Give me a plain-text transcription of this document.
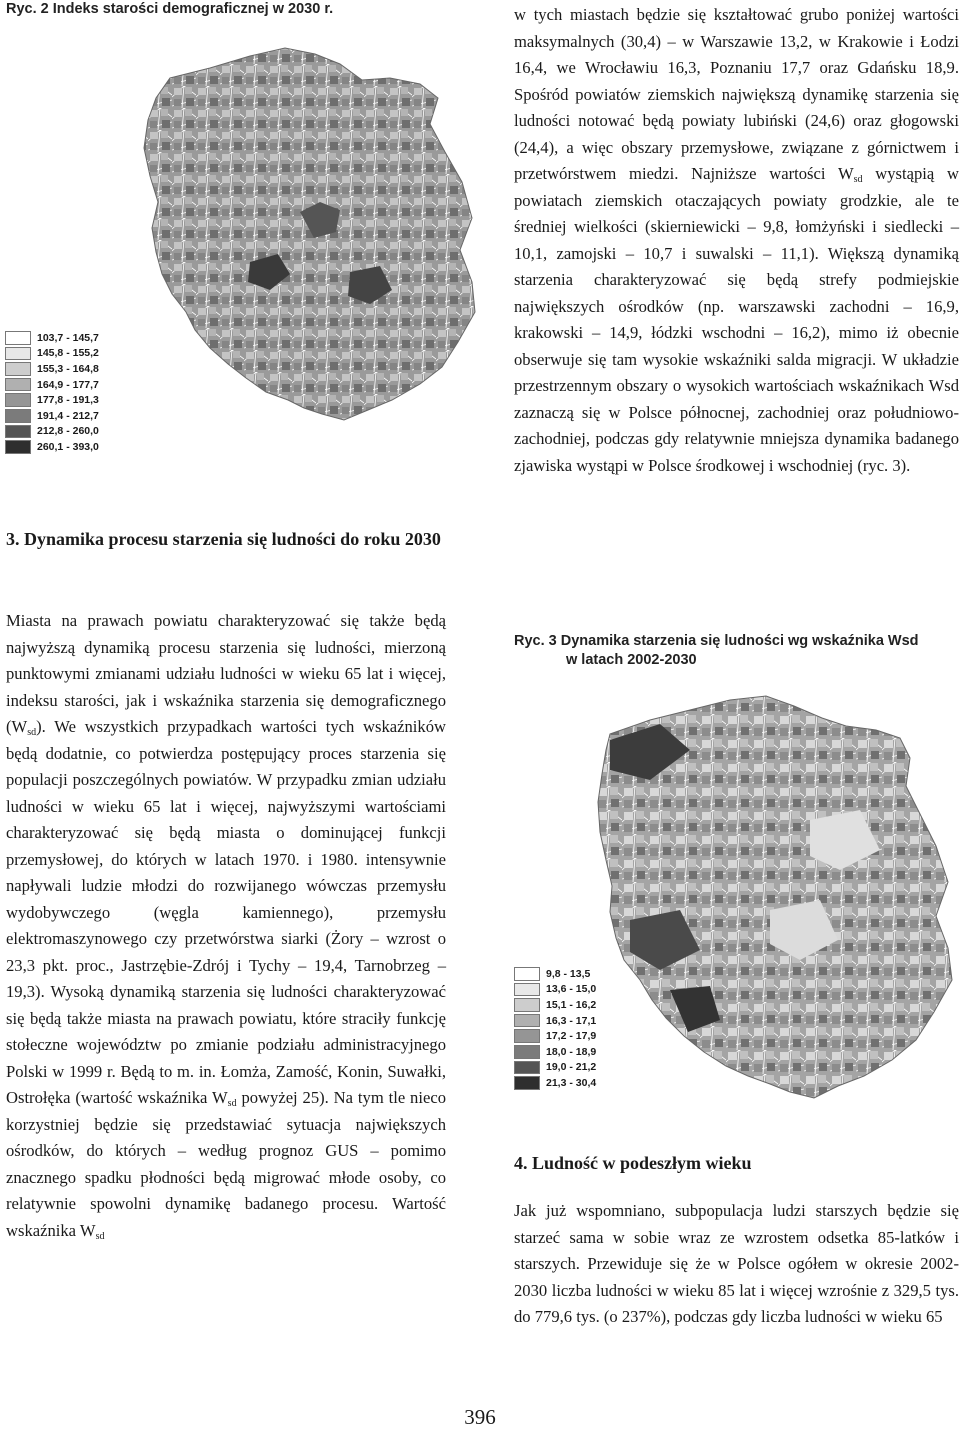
Ryc. 2 Indeks starości demograficznej w 2030 r.
103,7 - 145,7
145,8 - 155,2
155,3 - 164,8
164,9 - 177,7
177,8 - 191,3
191,4 - 212,7
212,8 - 260,0
260,1 - 393,0
3. Dynamika procesu starzenia się ludności do roku 2030

Miasta na prawach powiatu charakteryzować się także będą najwyższą dynamiką procesu starzenia się ludności, mierzoną punktowymi zmianami udziału ludności w wieku 65 lat i więcej, indeksu starości, jak i wskaźnika starzenia się demograficznego $(W_{sd})$. We wszystkich przypadkach wartości tych wskaźników będą dodatnie, co potwierdza postępujący proces starzenia się populacji poszczególnych powiatów. W przypadku zmian udziału ludności w wieku 65 lat i więcej, najwyższymi wartościami charakteryzować się będą miasta o dominującej funkcji przemysłowej, do których w latach 1970. i 1980. intensywnie napływali ludzie młodzi do rozwijanego wówczas przemysłu wydobywczego (węgla kamiennego), przemysłu elektromaszynowego czy przetwórstwa siarki (Żory – wzrost o 23,3 pkt. proc., Jastrzębie-Zdrój i Tychy – 19,4, Tarnobrzeg – 19,3). Wysoką dynamiką starzenia się ludności charakteryzować się będą także miasta na prawach powiatu, które straciły funkcję stołeczne województw po zmianie podziału administracyjnego Polski w 1999 r. Będą to m. in. Łomża, Zamość, Konin, Suwałki, Ostrołęka (wartość wskaźnika $W_{sd}$ powyżej 25). Na tym tle nieco korzystniej będzie się przedstawiać sytuacja największych ośrodków, do których – według prognoz GUS – pomimo znacznego spadku płodności będą migrować młode osoby, co relatywnie spowolni dynamikę badanego procesu. Wartość wskaźnika $W_{sd}$

w tych miastach będzie się kształtować grubo poniżej wartości maksymalnych (30,4) – w Warszawie 13,2, w Krakowie i Łodzi 16,4, we Wrocławiu 16,3, Poznaniu 17,7 oraz Gdańsku 18,9. Spośród powiatów ziemskich największą dynamikę starzenia się ludności notować będą powiaty lubiński (24,6) oraz głogowski (24,4), a więc obszary przemysłowe, związane z górnictwem i przetwórstwem miedzi. Najniższe wartości $W_{sd}$ wystąpią w powiatach ziemskich otaczających powiaty grodzkie, ale te średniej wielkości (skierniewicki – 9,8, łomżyński i siedlecki – 10,1, zamojski – 10,7 i suwalski – 11,1). Większą dynamiką starzenia charakteryzować się będą strefy podmiejskie największych ośrodków (np. warszawski zachodni – 16,9, krakowski – 14,9, łódzki wschodni – 16,2), mimo iż obecnie obserwuje się tam wysokie wskaźniki salda migracji. W układzie przestrzennym obszary o wysokich wartościach wskaźnikach Wsd zaznaczą się w Polsce północnej, zachodniej oraz południowo-zachodniej, podczas gdy relatywnie mniejsza dynamika badanego zjawiska wystąpi w Polsce środkowej i wschodniej (ryc. 3).

Ryc. 3 Dynamika starzenia się ludności wg wskaźnika Wsd
w latach 2002-2030
9,8 - 13,5
13,6 - 15,0
15,1 - 16,2
16,3 - 17,1
17,2 - 17,9
18,0 - 18,9
19,0 - 21,2
21,3 - 30,4
4. Ludność w podeszłym wieku

Jak już wspomniano, subpopulacja ludzi starszych będzie się starzeć sama w sobie wraz ze wzrostem odsetka 85-latków i starszych. Przewiduje się że w Polsce ogółem w okresie 2002-2030 liczba ludności w wieku 85 lat i więcej wzrośnie z 329,5 tys. do 779,6 tys. (o 237%), podczas gdy liczba ludności w wieku 65

396
